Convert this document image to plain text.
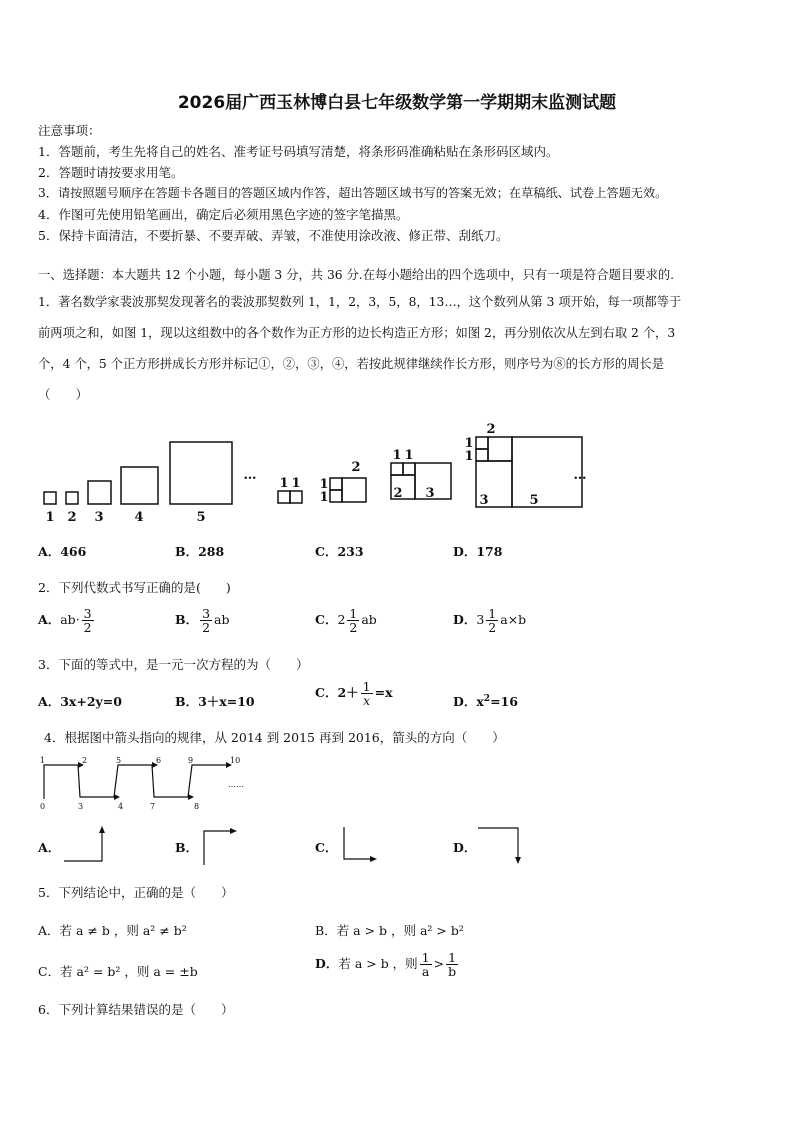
2026届广西玉林博白县七年级数学第一学期期末监测试题
注意事项：
1．答题前，考生先将自己的姓名、准考证号码填写清楚，将条形码准确粘贴在条形码区域内。
2．答题时请按要求用笔。
3．请按照题号顺序在答题卡各题目的答题区域内作答，超出答题区域书写的答案无效；在草稿纸、试卷上答题无效。
4．作图可先使用铅笔画出，确定后必须用黑色字迹的签字笔描黑。
5．保持卡面清洁，不要折暴、不要弄破、弄皱，不准使用涂改液、修正带、刮纸刀。
一、选择题：本大题共 12 个小题，每小题 3 分，共 36 分.在每小题给出的四个选项中，只有一项是符合题目要求的.
1．著名数学家裴波那契发现著名的裴波那契数列 1，1，2，3，5，8，13…，这个数列从第 3 项开始，每一项都等于
前两项之和，如图 1，现以这组数中的各个数作为正方形的边长构造正方形；如图 2，再分别依次从左到右取 2 个，3
个，4 个，5 个正方形拼成长方形并标记①，②，③，④，若按此规律继续作长方形，则序号为⑧的长方形的周长是
（　　）
1 2 3 4	5
…
1 1 1
1
2
1 1
2 3
2
1
1
3	5
…
A．466	B．288	C．233	D．178
2．下列代数式书写正确的是(　　)
A．$ab\cdot \frac{3}{2}$	B． $\frac{3}{2}$ ab	C．$2 \frac{1}{2}$ ab	D．$3 \frac{1}{2} a\times b$
3．下面的等式中，是一元一次方程的为（　　）
A．3x+2y=0	B．3＋x=10
C．$2+ \frac{1}{x} =x$
D．$x^2=16$
4．根据图中箭头指向的规律，从 2014 到 2015 再到 2016，箭头的方向（　　）
1	2	5	6	9	10
0	3	4	7	8
……
A．	B．	C．	D．
5．下列结论中，正确的是（　　）
A．若 a ≠ b ，则 a² ≠ b²	B．若 a > b ，则 a² > b²
C．若 a² = b² ，则 a = ±b
D．若 a > b ，则 $\frac{1}{a} > \frac{1}{b}$
6．下列计算结果错误的是（　　）
